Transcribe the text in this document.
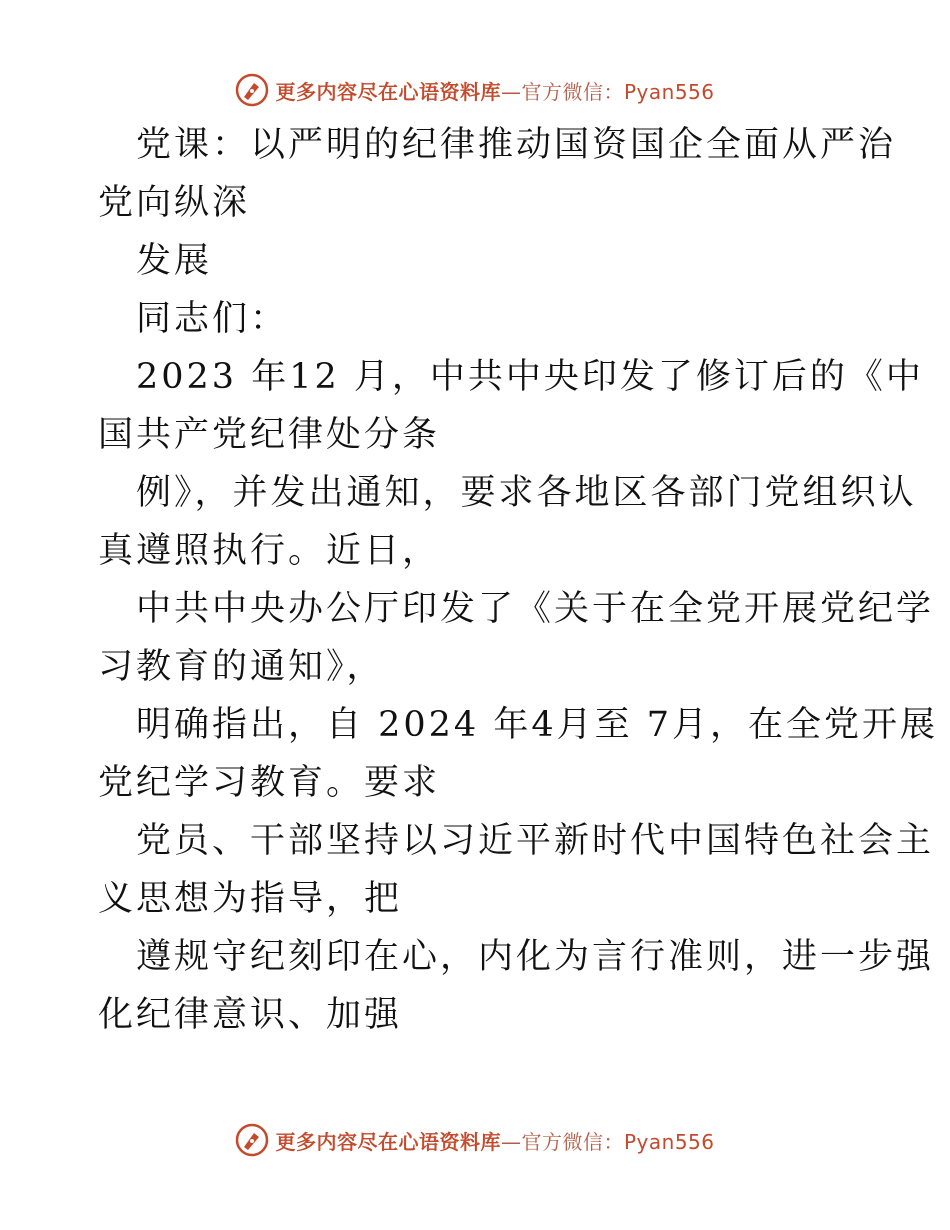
更多内容尽在心语资料库—官方微信：Pyan556
党课：以严明的纪律推动国资国企全面从严治
党向纵深
发展
同志们：
2023 年12 月，中共中央印发了修订后的《中
国共产党纪律处分条
例》，并发出通知，要求各地区各部门党组织认
真遵照执行。近日，
中共中央办公厅印发了《关于在全党开展党纪学
习教育的通知》，
明确指出，自 2024 年4月至 7月，在全党开展
党纪学习教育。要求
党员、干部坚持以习近平新时代中国特色社会主
义思想为指导，把
遵规守纪刻印在心，内化为言行准则，进一步强
化纪律意识、加强
更多内容尽在心语资料库—官方微信：Pyan556
